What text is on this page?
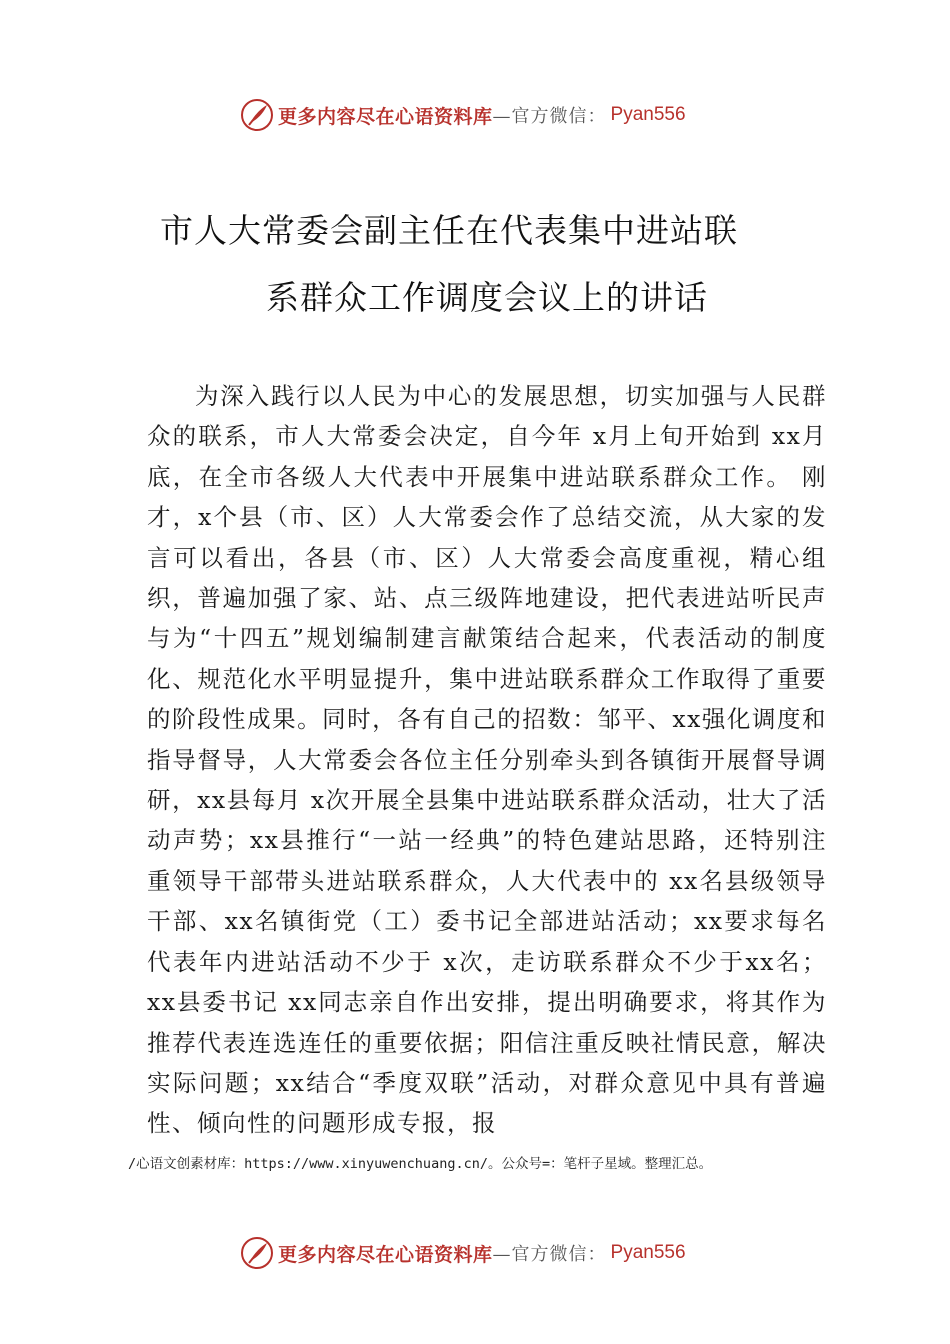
更多内容尽在心语资料库 —官方微信： Pyan556
市人大常委会副主任在代表集中进站联
系群众工作调度会议上的讲话
为深入践行以人民为中心的发展思想，切实加强与人民群众的联系，市人大常委会决定，自今年 x月上旬开始到 xx月底，在全市各级人大代表中开展集中进站联系群众工作。 刚才，x个县（市、区）人大常委会作了总结交流，从大家的发言可以看出，各县（市、区）人大常委会高度重视，精心组织，普遍加强了家、站、点三级阵地建设，把代表进站听民声与为“十四五”规划编制建言献策结合起来，代表活动的制度化、规范化水平明显提升，集中进站联系群众工作取得了重要的阶段性成果。同时，各有自己的招数：邹平、xx强化调度和指导督导，人大常委会各位主任分别牵头到各镇街开展督导调研，xx县每月 x次开展全县集中进站联系群众活动，壮大了活动声势；xx县推行“一站一经典”的特色建站思路，还特别注重领导干部带头进站联系群众，人大代表中的 xx名县级领导干部、xx名镇街党（工）委书记全部进站活动；xx要求每名代表年内进站活动不少于 x次，走访联系群众不少于xx名；xx县委书记 xx同志亲自作出安排，提出明确要求，将其作为推荐代表连选连任的重要依据；阳信注重反映社情民意，解决实际问题；xx结合“季度双联”活动，对群众意见中具有普遍性、倾向性的问题形成专报，报
/心语文创素材库：https://www.xinyuwenchuang.cn/。公众号=：笔杆子星域。整理汇总。
更多内容尽在心语资料库 —官方微信： Pyan556
